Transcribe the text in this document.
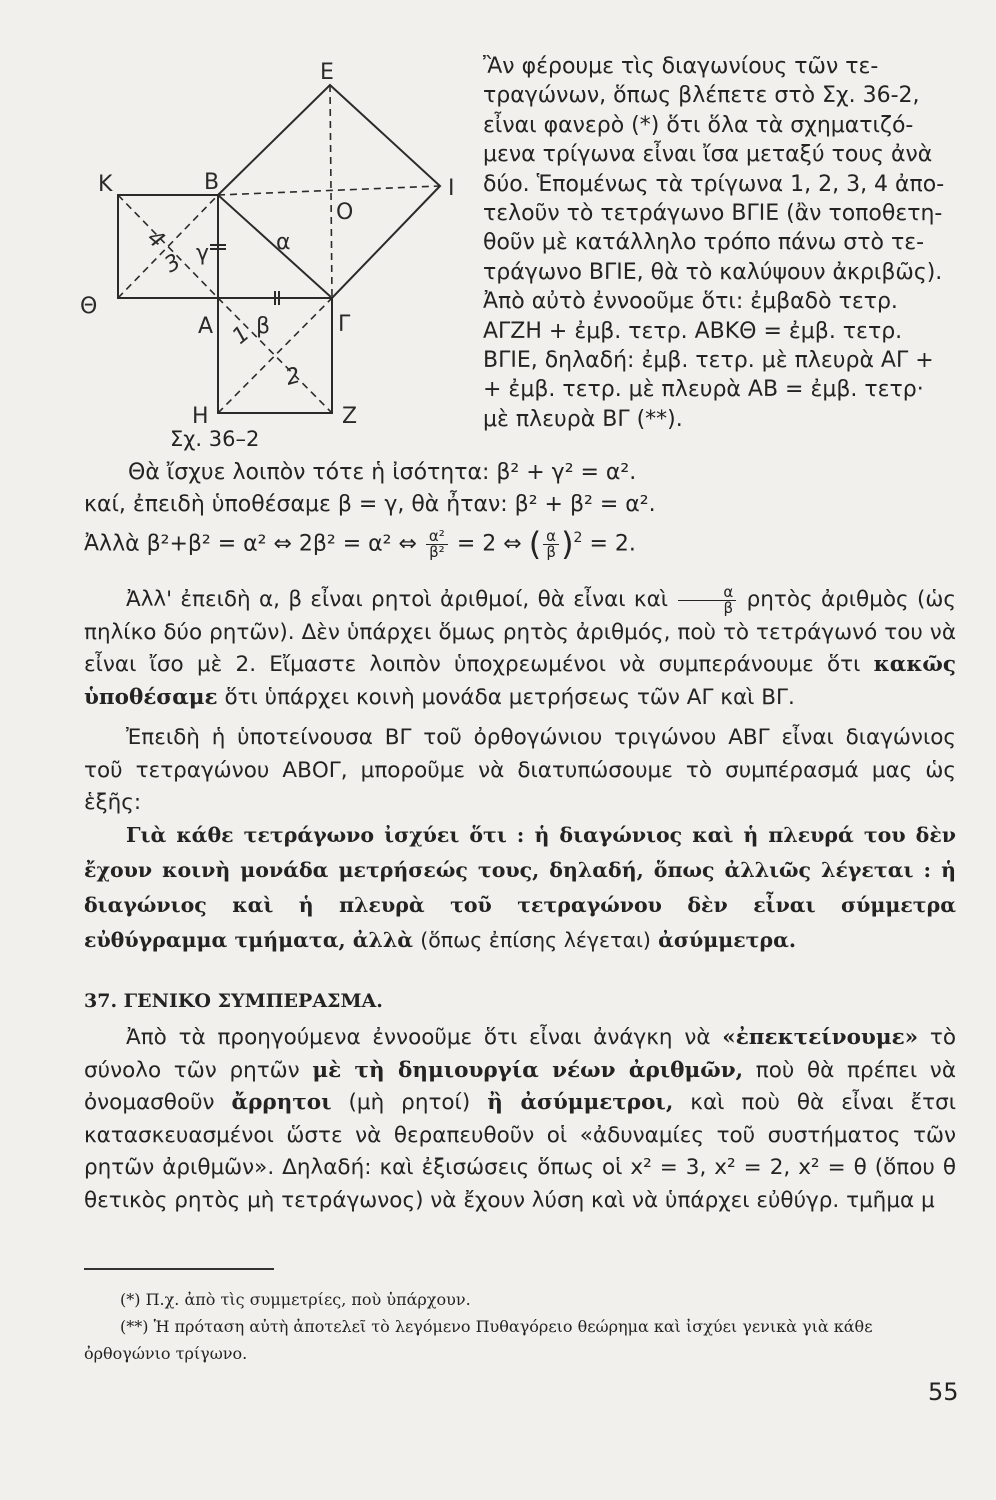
E
K	B	I
O
α
Θ
A β	Γ
H	Z
γ
4
3
1
2
Σχ. 36–2

Ἂν φέρουμε τὶς διαγωνίους τῶν τε-

τραγώνων, ὅπως βλέπετε στὸ Σχ. 36-2,

εἶναι φανερὸ (*) ὅτι ὅλα τὰ σχηματιζό-

μενα τρίγωνα εἶναι ἴσα μεταξύ τους ἀνὰ

δύο. Ἑπομένως τὰ τρίγωνα 1, 2, 3, 4 ἀπο-

τελοῦν τὸ τετράγωνο ΒΓΙΕ (ἂν τοποθετη-

θοῦν μὲ κατάλληλο τρόπο πάνω στὸ τε-

τράγωνο ΒΓΙΕ, θὰ τὸ καλύψουν ἀκριβῶς).

Ἀπὸ αὐτὸ ἐννοοῦμε ὅτι: ἐμβαδὸ τετρ.

ΑΓΖΗ + ἐμβ. τετρ. ΑΒΚΘ = ἐμβ. τετρ.

ΒΓΙΕ, δηλαδή: ἐμβ. τετρ. μὲ πλευρὰ ΑΓ +

+ ἐμβ. τετρ. μὲ πλευρὰ ΑΒ = ἐμβ. τετρ·

μὲ πλευρὰ ΒΓ (**).

Θὰ ἴσχυε λοιπὸν τότε ἡ ἰσότητα: β² + γ² = α².
καί, ἐπειδὴ ὑποθέσαμε β = γ, θὰ ἦταν: β² + β² = α².
Ἀλλὰ β²+β² = α² ⇔ 2β² = α² ⇔ $\frac{\text{α²}}{\text{β²}} = 2$ ⇔ ( $\frac{\alpha}{\beta} )^2 = 2$.

Ἀλλ' ἐπειδὴ α, β εἶναι ρητοὶ ἀριθμοί, θὰ εἶναι καὶ $\frac{\alpha}{\beta}$ ρητὸς ἀριθμὸς (ὡς πηλίκο δύο ρητῶν). Δὲν ὑπάρχει ὅμως ρητὸς ἀριθμός, ποὺ τὸ τετράγωνό του νὰ εἶναι ἴσο μὲ 2. Εἴμαστε λοιπὸν ὑποχρεωμένοι νὰ συμπεράνουμε ὅτι κακῶς ὑποθέσαμε ὅτι ὑπάρχει κοινὴ μονάδα μετρήσεως τῶν ΑΓ καὶ ΒΓ.

Ἐπειδὴ ἡ ὑποτείνουσα ΒΓ τοῦ ὀρθογώνιου τριγώνου ΑΒΓ εἶναι διαγώνιος τοῦ τετραγώνου ΑΒΟΓ, μποροῦμε νὰ διατυπώσουμε τὸ συμπέρασμά μας ὡς ἑξῆς:

Γιὰ κάθε τετράγωνο ἰσχύει ὅτι : ἡ διαγώνιος καὶ ἡ πλευρά του δὲν ἔχουν κοινὴ μονάδα μετρήσεώς τους, δηλαδή, ὅπως ἀλλιῶς λέγεται : ἡ διαγώνιος καὶ ἡ πλευρὰ τοῦ τετραγώνου δὲν εἶναι σύμμετρα εὐθύγραμμα τμήματα, ἀλλὰ (ὅπως ἐπίσης λέγεται) ἀσύμμετρα.

37. ΓΕΝΙΚΟ ΣΥΜΠΕΡΑΣΜΑ.

Ἀπὸ τὰ προηγούμενα ἐννοοῦμε ὅτι εἶναι ἀνάγκη νὰ «ἐπεκτείνουμε» τὸ σύνολο τῶν ρητῶν μὲ τὴ δημιουργία νέων ἀριθμῶν, ποὺ θὰ πρέπει νὰ ὀνομασθοῦν ἄρρητοι (μὴ ρητοί) ἢ ἀσύμμετροι, καὶ ποὺ θὰ εἶναι ἔτσι κατασκευασμένοι ὥστε νὰ θεραπευθοῦν οἱ «ἀδυναμίες τοῦ συστήματος τῶν ρητῶν ἀριθμῶν». Δηλαδή: καὶ ἐξισώσεις ὅπως οἱ x² = 3, x² = 2, x² = θ (ὅπου θ θετικὸς ρητὸς μὴ τετράγωνος) νὰ ἔχουν λύση καὶ νὰ ὑπάρχει εὐθύγρ. τμῆμα μ

(*) Π.χ. ἀπὸ τὶς συμμετρίες, ποὺ ὑπάρχουν.

(**) Ἡ πρόταση αὐτὴ ἀποτελεῖ τὸ λεγόμενο Πυθαγόρειο θεώρημα καὶ ἰσχύει γενικὰ γιὰ κάθε ὀρθογώνιο τρίγωνο.

55
